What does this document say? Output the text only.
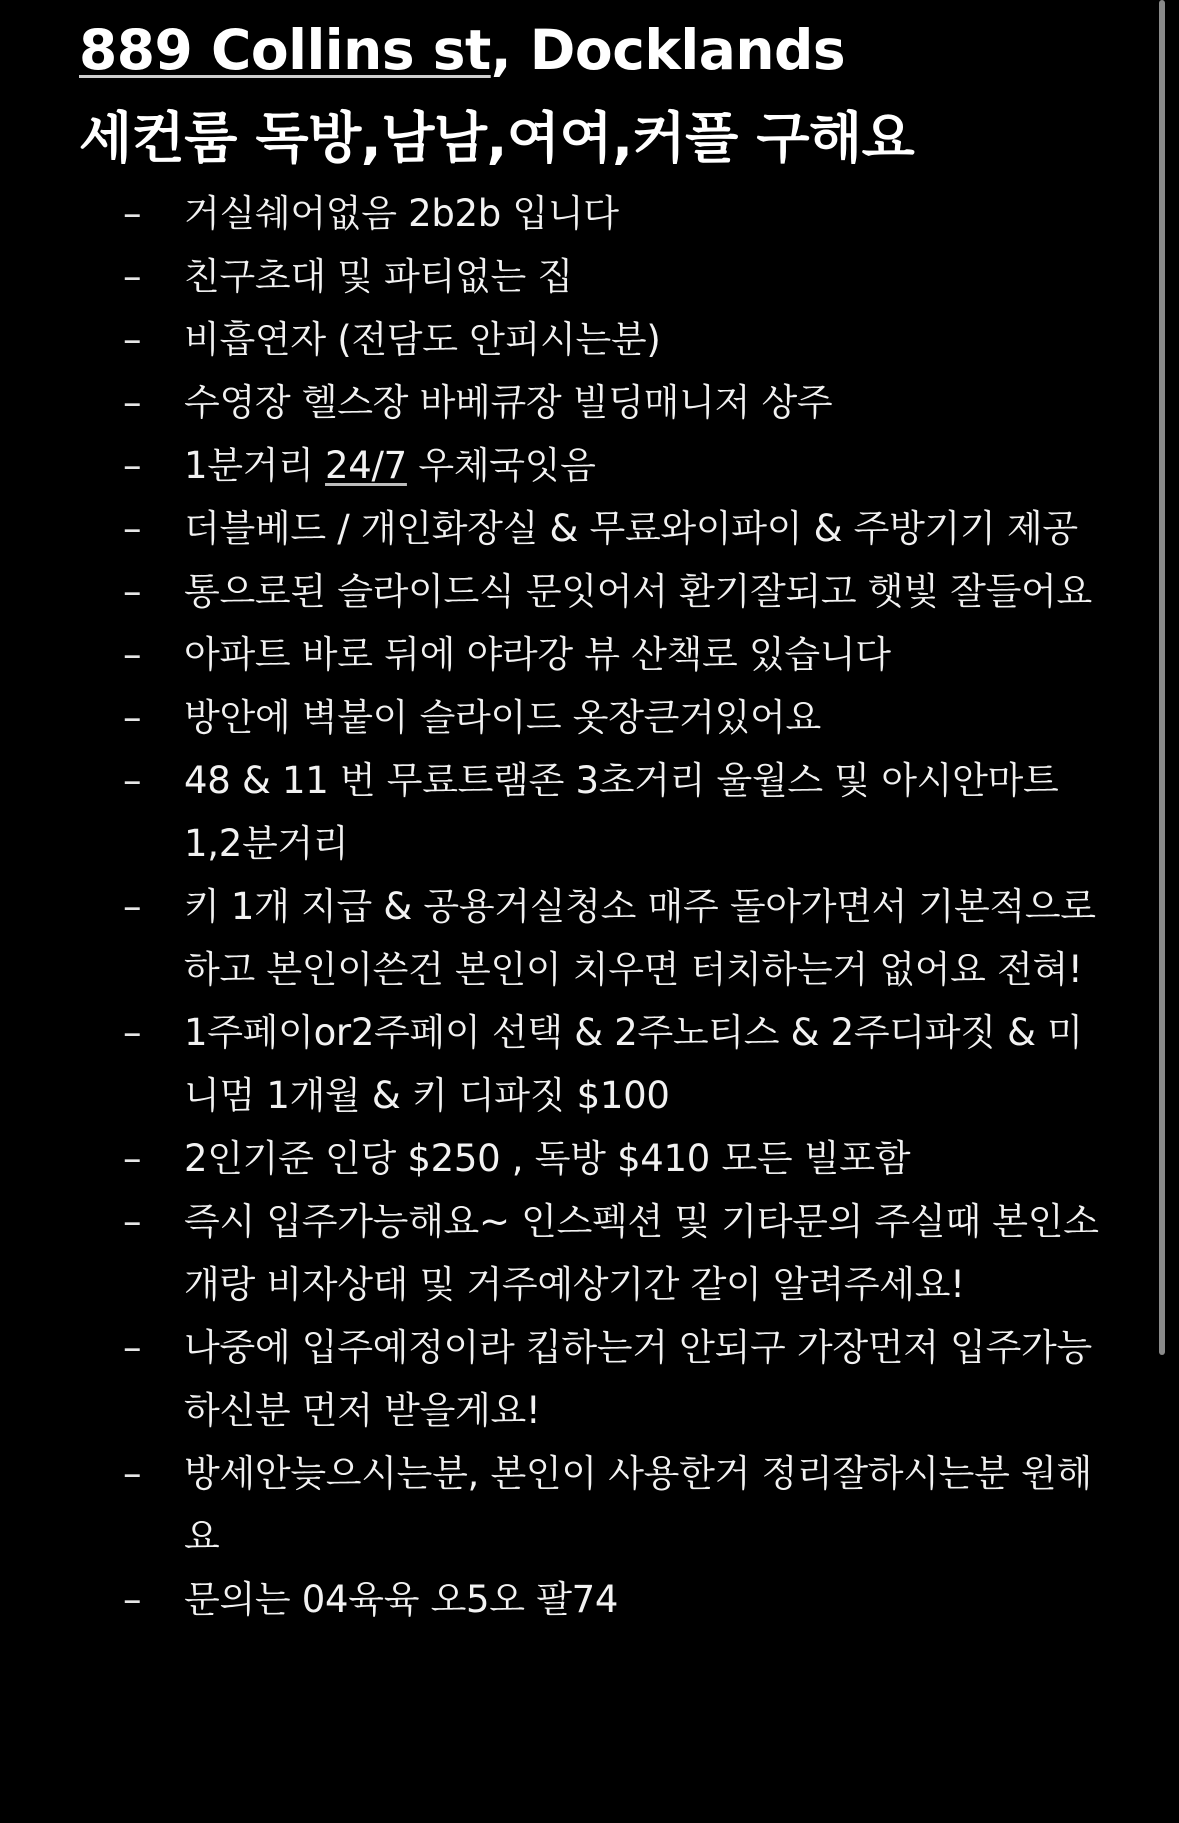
889 Collins st, Docklands
세컨룸 독방,남남,여여,커플 구해요
– 거실쉐어없음 2b2b 입니다
– 친구초대 및 파티없는 집
– 비흡연자 (전담도 안피시는분)
– 수영장 헬스장 바베큐장 빌딩매니저 상주
– 1분거리 24/7 우체국잇음
– 더블베드 / 개인화장실 & 무료와이파이 & 주방기기 제공
– 통으로된 슬라이드식 문잇어서 환기잘되고 햇빛 잘들어요
– 아파트 바로 뒤에 야라강 뷰 산책로 있습니다
– 방안에 벽붙이 슬라이드 옷장큰거있어요
– 48 & 11 번 무료트램존 3초거리 울월스 및 아시안마트 1,2분거리
– 키 1개 지급 & 공용거실청소 매주 돌아가면서 기본적으로하고 본인이쓴건 본인이 치우면 터치하는거 없어요 전혀!
– 1주페이or2주페이 선택 & 2주노티스 & 2주디파짓 & 미니멈 1개월 & 키 디파짓 $100
– 2인기준 인당 $250 , 독방 $410 모든 빌포함
– 즉시 입주가능해요~ 인스펙션 및 기타문의 주실때 본인소개랑 비자상태 및 거주예상기간 같이 알려주세요!
– 나중에 입주예정이라 킵하는거 안되구 가장먼저 입주가능하신분 먼저 받을게요!
– 방세안늦으시는분, 본인이 사용한거 정리잘하시는분 원해요
– 문의는 04육육 오5오 팔74
